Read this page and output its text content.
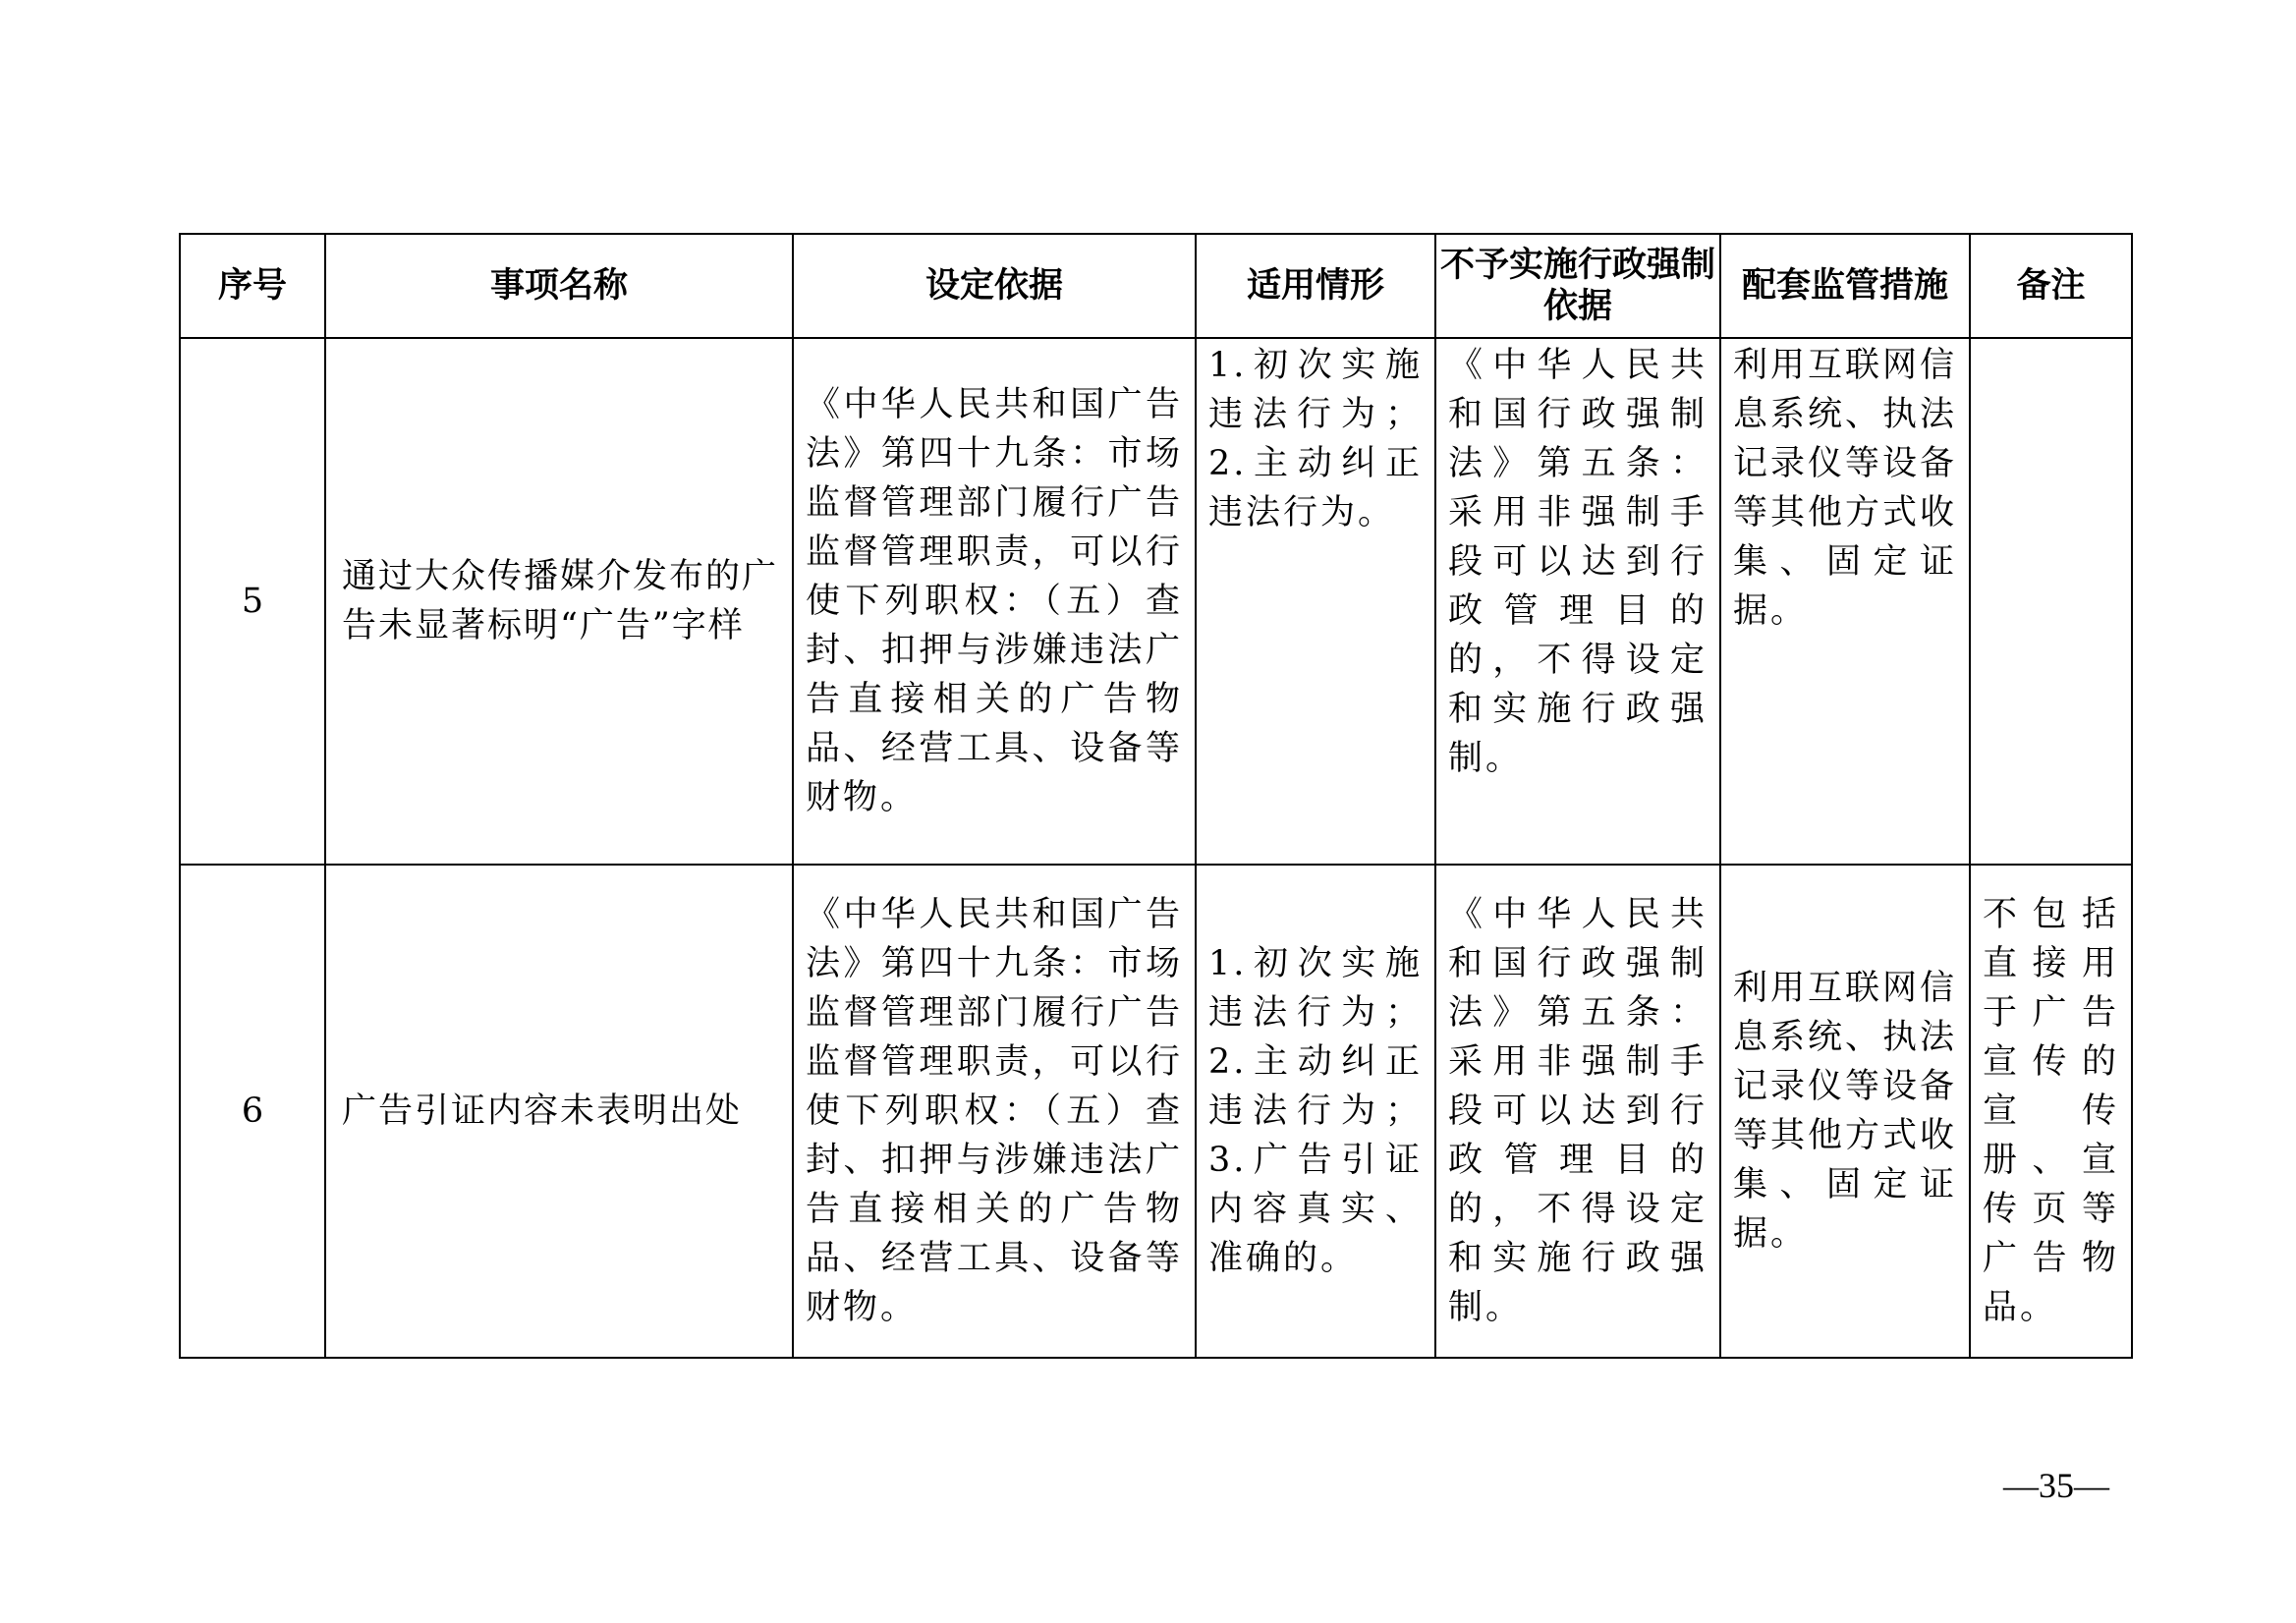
序号	事项名称	设定依据	适用情形	不予实施行政强制依据	配套监管措施	备注
5	通过大众传播媒介发布的广告未显著标明“广告”字样	《中华人民共和国广告法》第四十九条：市场监督管理部门履行广告监督管理职责，可以行使下列职权：（五）查封、扣押与涉嫌违法广告直接相关的广告物品、经营工具、设备等财物。	1.初次实施违法行为；2.主动纠正违法行为。	《中华人民共和国行政强制法》第五条：采用非强制手段可以达到行政管理目的的，不得设定和实施行政强制。	利用互联网信息系统、执法记录仪等设备等其他方式收集、固定证据。	
6	广告引证内容未表明出处	《中华人民共和国广告法》第四十九条：市场监督管理部门履行广告监督管理职责，可以行使下列职权：（五）查封、扣押与涉嫌违法广告直接相关的广告物品、经营工具、设备等财物。	1.初次实施违法行为；2.主动纠正违法行为；3.广告引证内容真实、准确的。	《中华人民共和国行政强制法》第五条：采用非强制手段可以达到行政管理目的的，不得设定和实施行政强制。	利用互联网信息系统、执法记录仪等设备等其他方式收集、固定证据。	不包括直接用于广告宣传的宣传册、宣传页等广告物品。
—35—
